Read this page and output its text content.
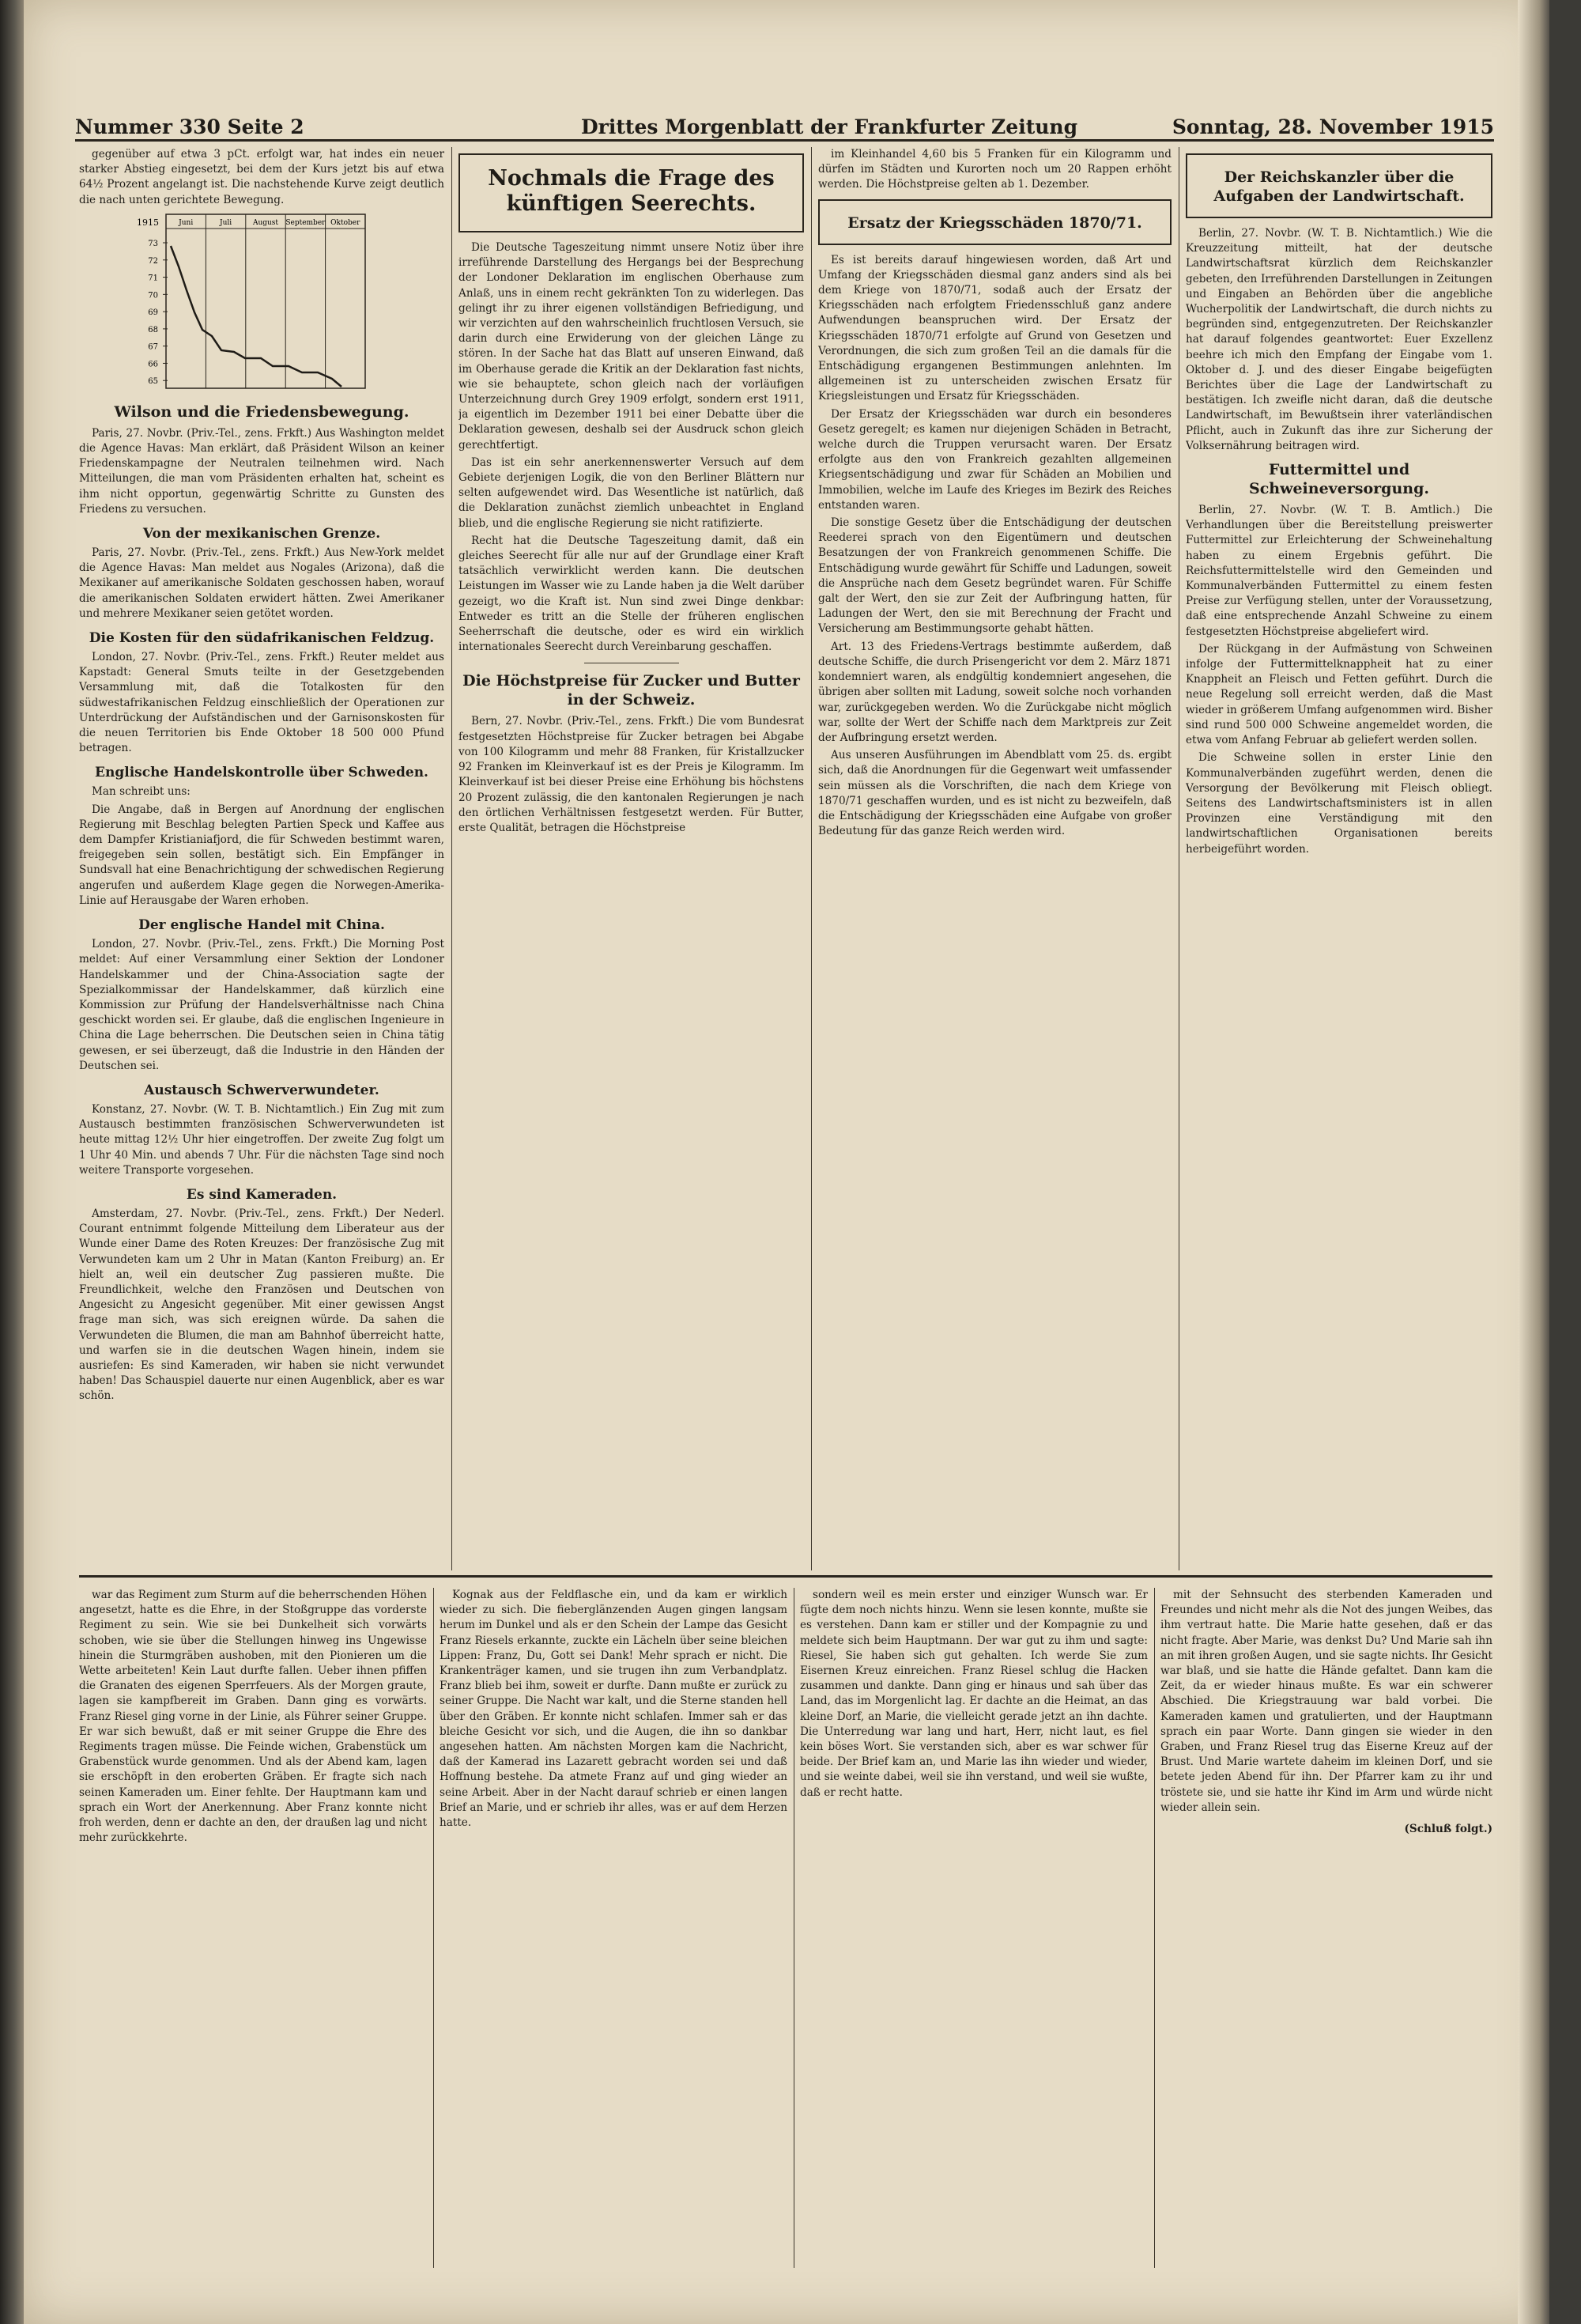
Nummer 330 Seite 2	Drittes Morgenblatt der Frankfurter Zeitung	Sonntag, 28. November 1915

gegenüber auf etwa 3 pCt. erfolgt war, hat indes ein neuer starker Abstieg eingesetzt, bei dem der Kurs jetzt bis auf etwa 64½ Prozent angelangt ist. Die nachstehende Kurve zeigt deutlich die nach unten gerichtete Bewegung.

1915	Juni	Juli	August September Oktober
73
72
71
70
69
68
67
66
65
Wilson und die Friedensbewegung.

Paris, 27. Novbr. (Priv.-Tel., zens. Frkft.) Aus Washington meldet die Agence Havas: Man erklärt, daß Präsident Wilson an keiner Friedenskampagne der Neutralen teilnehmen wird. Nach Mitteilungen, die man vom Präsidenten erhalten hat, scheint es ihm nicht opportun, gegenwärtig Schritte zu Gunsten des Friedens zu versuchen.

Von der mexikanischen Grenze.

Paris, 27. Novbr. (Priv.-Tel., zens. Frkft.) Aus New-York meldet die Agence Havas: Man meldet aus Nogales (Arizona), daß die Mexikaner auf amerikanische Soldaten geschossen haben, worauf die amerikanischen Soldaten erwidert hätten. Zwei Amerikaner und mehrere Mexikaner seien getötet worden.

Die Kosten für den südafrikanischen Feldzug.

London, 27. Novbr. (Priv.-Tel., zens. Frkft.) Reuter meldet aus Kapstadt: General Smuts teilte in der Gesetzgebenden Versammlung mit, daß die Totalkosten für den südwestafrikanischen Feldzug einschließlich der Operationen zur Unterdrückung der Aufständischen und der Garnisonskosten für die neuen Territorien bis Ende Oktober 18 500 000 Pfund betragen.

Englische Handelskontrolle über Schweden.

Man schreibt uns:

Die Angabe, daß in Bergen auf Anordnung der englischen Regierung mit Beschlag belegten Partien Speck und Kaffee aus dem Dampfer Kristianiafjord, die für Schweden bestimmt waren, freigegeben sein sollen, bestätigt sich. Ein Empfänger in Sundsvall hat eine Benachrichtigung der schwedischen Regierung angerufen und außerdem Klage gegen die Norwegen-Amerika-Linie auf Herausgabe der Waren erhoben.

Der englische Handel mit China.

London, 27. Novbr. (Priv.-Tel., zens. Frkft.) Die Morning Post meldet: Auf einer Versammlung einer Sektion der Londoner Handelskammer und der China-Association sagte der Spezialkommissar der Handelskammer, daß kürzlich eine Kommission zur Prüfung der Handelsverhältnisse nach China geschickt worden sei. Er glaube, daß die englischen Ingenieure in China die Lage beherrschen. Die Deutschen seien in China tätig gewesen, er sei überzeugt, daß die Industrie in den Händen der Deutschen sei.

Austausch Schwerverwundeter.

Konstanz, 27. Novbr. (W. T. B. Nichtamtlich.) Ein Zug mit zum Austausch bestimmten französischen Schwerverwundeten ist heute mittag 12½ Uhr hier eingetroffen. Der zweite Zug folgt um 1 Uhr 40 Min. und abends 7 Uhr. Für die nächsten Tage sind noch weitere Transporte vorgesehen.

Es sind Kameraden.

Amsterdam, 27. Novbr. (Priv.-Tel., zens. Frkft.) Der Nederl. Courant entnimmt folgende Mitteilung dem Liberateur aus der Wunde einer Dame des Roten Kreuzes: Der französische Zug mit Verwundeten kam um 2 Uhr in Matan (Kanton Freiburg) an. Er hielt an, weil ein deutscher Zug passieren mußte. Die Freundlichkeit, welche den Französen und Deutschen von Angesicht zu Angesicht gegenüber. Mit einer gewissen Angst frage man sich, was sich ereignen würde. Da sahen die Verwundeten die Blumen, die man am Bahnhof überreicht hatte, und warfen sie in die deutschen Wagen hinein, indem sie ausriefen: Es sind Kameraden, wir haben sie nicht verwundet haben! Das Schauspiel dauerte nur einen Augenblick, aber es war schön.

Nochmals die Frage des künftigen Seerechts.

Die Deutsche Tageszeitung nimmt unsere Notiz über ihre irreführende Darstellung des Hergangs bei der Besprechung der Londoner Deklaration im englischen Oberhause zum Anlaß, uns in einem recht gekränkten Ton zu widerlegen. Das gelingt ihr zu ihrer eigenen vollständigen Befriedigung, und wir verzichten auf den wahrscheinlich fruchtlosen Versuch, sie darin durch eine Erwiderung von der gleichen Länge zu stören. In der Sache hat das Blatt auf unseren Einwand, daß im Oberhause gerade die Kritik an der Deklaration fast nichts, wie sie behauptete, schon gleich nach der vorläufigen Unterzeichnung durch Grey 1909 erfolgt, sondern erst 1911, ja eigentlich im Dezember 1911 bei einer Debatte über die Deklaration gewesen, deshalb sei der Ausdruck schon gleich gerechtfertigt.

Das ist ein sehr anerkennenswerter Versuch auf dem Gebiete derjenigen Logik, die von den Berliner Blättern nur selten aufgewendet wird. Das Wesentliche ist natürlich, daß die Deklaration zunächst ziemlich unbeachtet in England blieb, und die englische Regierung sie nicht ratifizierte.

Recht hat die Deutsche Tageszeitung damit, daß ein gleiches Seerecht für alle nur auf der Grundlage einer Kraft tatsächlich verwirklicht werden kann. Die deutschen Leistungen im Wasser wie zu Lande haben ja die Welt darüber gezeigt, wo die Kraft ist. Nun sind zwei Dinge denkbar: Entweder es tritt an die Stelle der früheren englischen Seeherrschaft die deutsche, oder es wird ein wirklich internationales Seerecht durch Vereinbarung geschaffen.

Die Höchstpreise für Zucker und Butter in der Schweiz.

Bern, 27. Novbr. (Priv.-Tel., zens. Frkft.) Die vom Bundesrat festgesetzten Höchstpreise für Zucker betragen bei Abgabe von 100 Kilogramm und mehr 88 Franken, für Kristallzucker 92 Franken im Kleinverkauf ist es der Preis je Kilogramm. Im Kleinverkauf ist bei dieser Preise eine Erhöhung bis höchstens 20 Prozent zulässig, die den kantonalen Regierungen je nach den örtlichen Verhältnissen festgesetzt werden. Für Butter, erste Qualität, betragen die Höchstpreise

im Kleinhandel 4,60 bis 5 Franken für ein Kilogramm und dürfen im Städten und Kurorten noch um 20 Rappen erhöht werden. Die Höchstpreise gelten ab 1. Dezember.

Ersatz der Kriegsschäden 1870/71.

Es ist bereits darauf hingewiesen worden, daß Art und Umfang der Kriegsschäden diesmal ganz anders sind als bei dem Kriege von 1870/71, sodaß auch der Ersatz der Kriegsschäden nach erfolgtem Friedensschluß ganz andere Aufwendungen beanspruchen wird. Der Ersatz der Kriegsschäden 1870/71 erfolgte auf Grund von Gesetzen und Verordnungen, die sich zum großen Teil an die damals für die Entschädigung ergangenen Bestimmungen anlehnten. Im allgemeinen ist zu unterscheiden zwischen Ersatz für Kriegsleistungen und Ersatz für Kriegsschäden.

Der Ersatz der Kriegsschäden war durch ein besonderes Gesetz geregelt; es kamen nur diejenigen Schäden in Betracht, welche durch die Truppen verursacht waren. Der Ersatz erfolgte aus den von Frankreich gezahlten allgemeinen Kriegsentschädigung und zwar für Schäden an Mobilien und Immobilien, welche im Laufe des Krieges im Bezirk des Reiches entstanden waren.

Die sonstige Gesetz über die Entschädigung der deutschen Reederei sprach von den Eigentümern und deutschen Besatzungen der von Frankreich genommenen Schiffe. Die Entschädigung wurde gewährt für Schiffe und Ladungen, soweit die Ansprüche nach dem Gesetz begründet waren. Für Schiffe galt der Wert, den sie zur Zeit der Aufbringung hatten, für Ladungen der Wert, den sie mit Berechnung der Fracht und Versicherung am Bestimmungsorte gehabt hätten.

Art. 13 des Friedens-Vertrags bestimmte außerdem, daß deutsche Schiffe, die durch Prisengericht vor dem 2. März 1871 kondemniert waren, als endgültig kondemniert angesehen, die übrigen aber sollten mit Ladung, soweit solche noch vorhanden war, zurückgegeben werden. Wo die Zurückgabe nicht möglich war, sollte der Wert der Schiffe nach dem Marktpreis zur Zeit der Aufbringung ersetzt werden.

Aus unseren Ausführungen im Abendblatt vom 25. ds. ergibt sich, daß die Anordnungen für die Gegenwart weit umfassender sein müssen als die Vorschriften, die nach dem Kriege von 1870/71 geschaffen wurden, und es ist nicht zu bezweifeln, daß die Entschädigung der Kriegsschäden eine Aufgabe von großer Bedeutung für das ganze Reich werden wird.

Der Reichskanzler über die Aufgaben der Landwirtschaft.

Berlin, 27. Novbr. (W. T. B. Nichtamtlich.) Wie die Kreuzzeitung mitteilt, hat der deutsche Landwirtschaftsrat kürzlich dem Reichskanzler gebeten, den Irreführenden Darstellungen in Zeitungen und Eingaben an Behörden über die angebliche Wucherpolitik der Landwirtschaft, die durch nichts zu begründen sind, entgegenzutreten. Der Reichskanzler hat darauf folgendes geantwortet: Euer Exzellenz beehre ich mich den Empfang der Eingabe vom 1. Oktober d. J. und des dieser Eingabe beigefügten Berichtes über die Lage der Landwirtschaft zu bestätigen. Ich zweifle nicht daran, daß die deutsche Landwirtschaft, im Bewußtsein ihrer vaterländischen Pflicht, auch in Zukunft das ihre zur Sicherung der Volksernährung beitragen wird.

Futtermittel und Schweineversorgung.

Berlin, 27. Novbr. (W. T. B. Amtlich.) Die Verhandlungen über die Bereitstellung preiswerter Futtermittel zur Erleichterung der Schweinehaltung haben zu einem Ergebnis geführt. Die Reichsfuttermittelstelle wird den Gemeinden und Kommunalverbänden Futtermittel zu einem festen Preise zur Verfügung stellen, unter der Voraussetzung, daß eine entsprechende Anzahl Schweine zu einem festgesetzten Höchstpreise abgeliefert wird.

Der Rückgang in der Aufmästung von Schweinen infolge der Futtermittelknappheit hat zu einer Knappheit an Fleisch und Fetten geführt. Durch die neue Regelung soll erreicht werden, daß die Mast wieder in größerem Umfang aufgenommen wird. Bisher sind rund 500 000 Schweine angemeldet worden, die etwa vom Anfang Februar ab geliefert werden sollen.

Die Schweine sollen in erster Linie den Kommunalverbänden zugeführt werden, denen die Versorgung der Bevölkerung mit Fleisch obliegt. Seitens des Landwirtschaftsministers ist in allen Provinzen eine Verständigung mit den landwirtschaftlichen Organisationen bereits herbeigeführt worden.

war das Regiment zum Sturm auf die beherrschenden Höhen angesetzt, hatte es die Ehre, in der Stoßgruppe das vorderste Regiment zu sein. Wie sie bei Dunkelheit sich vorwärts schoben, wie sie über die Stellungen hinweg ins Ungewisse hinein die Sturmgräben aushoben, mit den Pionieren um die Wette arbeiteten! Kein Laut durfte fallen. Ueber ihnen pfiffen die Granaten des eigenen Sperrfeuers. Als der Morgen graute, lagen sie kampfbereit im Graben. Dann ging es vorwärts. Franz Riesel ging vorne in der Linie, als Führer seiner Gruppe. Er war sich bewußt, daß er mit seiner Gruppe die Ehre des Regiments tragen müsse. Die Feinde wichen, Grabenstück um Grabenstück wurde genommen. Und als der Abend kam, lagen sie erschöpft in den eroberten Gräben. Er fragte sich nach seinen Kameraden um. Einer fehlte. Der Hauptmann kam und sprach ein Wort der Anerkennung. Aber Franz konnte nicht froh werden, denn er dachte an den, der draußen lag und nicht mehr zurückkehrte.

Kognak aus der Feldflasche ein, und da kam er wirklich wieder zu sich. Die fieberglänzenden Augen gingen langsam herum im Dunkel und als er den Schein der Lampe das Gesicht Franz Riesels erkannte, zuckte ein Lächeln über seine bleichen Lippen: Franz, Du, Gott sei Dank! Mehr sprach er nicht. Die Krankenträger kamen, und sie trugen ihn zum Verbandplatz. Franz blieb bei ihm, soweit er durfte. Dann mußte er zurück zu seiner Gruppe. Die Nacht war kalt, und die Sterne standen hell über den Gräben. Er konnte nicht schlafen. Immer sah er das bleiche Gesicht vor sich, und die Augen, die ihn so dankbar angesehen hatten. Am nächsten Morgen kam die Nachricht, daß der Kamerad ins Lazarett gebracht worden sei und daß Hoffnung bestehe. Da atmete Franz auf und ging wieder an seine Arbeit. Aber in der Nacht darauf schrieb er einen langen Brief an Marie, und er schrieb ihr alles, was er auf dem Herzen hatte.

sondern weil es mein erster und einziger Wunsch war. Er fügte dem noch nichts hinzu. Wenn sie lesen konnte, mußte sie es verstehen. Dann kam er stiller und der Kompagnie zu und meldete sich beim Hauptmann. Der war gut zu ihm und sagte: Riesel, Sie haben sich gut gehalten. Ich werde Sie zum Eisernen Kreuz einreichen. Franz Riesel schlug die Hacken zusammen und dankte. Dann ging er hinaus und sah über das Land, das im Morgenlicht lag. Er dachte an die Heimat, an das kleine Dorf, an Marie, die vielleicht gerade jetzt an ihn dachte. Die Unterredung war lang und hart, Herr, nicht laut, es fiel kein böses Wort. Sie verstanden sich, aber es war schwer für beide. Der Brief kam an, und Marie las ihn wieder und wieder, und sie weinte dabei, weil sie ihn verstand, und weil sie wußte, daß er recht hatte.

mit der Sehnsucht des sterbenden Kameraden und Freundes und nicht mehr als die Not des jungen Weibes, das ihm vertraut hatte. Die Marie hatte gesehen, daß er das nicht fragte. Aber Marie, was denkst Du? Und Marie sah ihn an mit ihren großen Augen, und sie sagte nichts. Ihr Gesicht war blaß, und sie hatte die Hände gefaltet. Dann kam die Zeit, da er wieder hinaus mußte. Es war ein schwerer Abschied. Die Kriegstrauung war bald vorbei. Die Kameraden kamen und gratulierten, und der Hauptmann sprach ein paar Worte. Dann gingen sie wieder in den Graben, und Franz Riesel trug das Eiserne Kreuz auf der Brust. Und Marie wartete daheim im kleinen Dorf, und sie betete jeden Abend für ihn. Der Pfarrer kam zu ihr und tröstete sie, und sie hatte ihr Kind im Arm und würde nicht wieder allein sein.

(Schluß folgt.)
